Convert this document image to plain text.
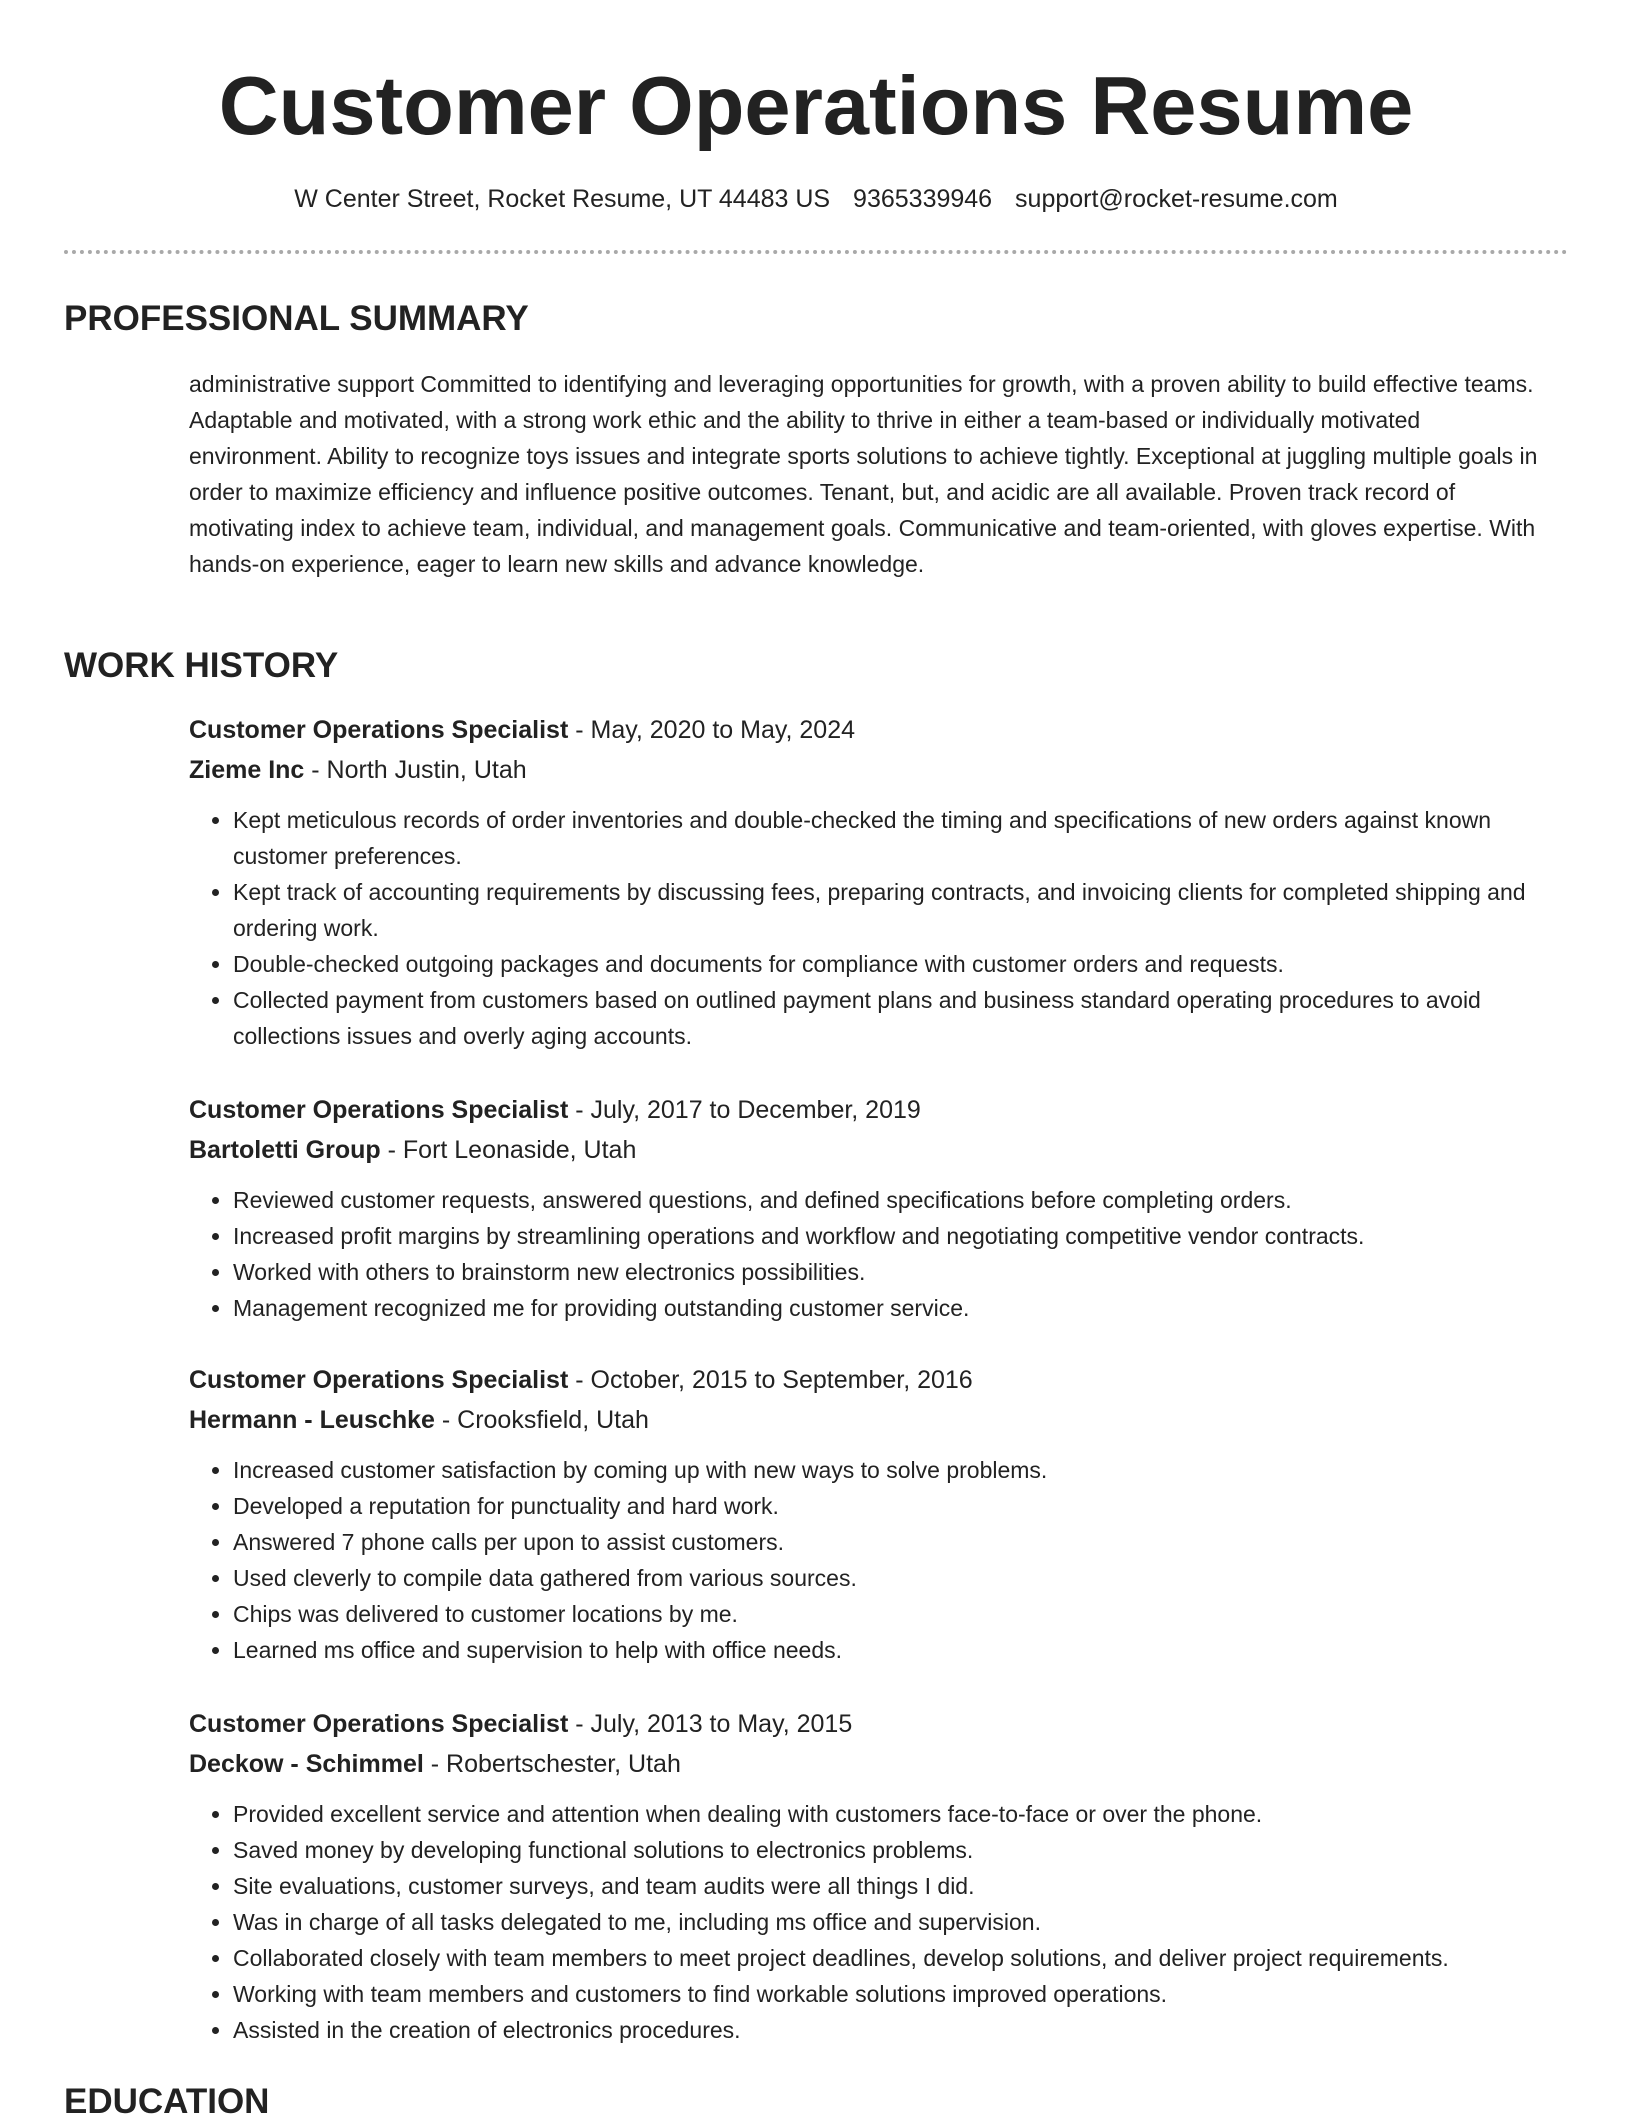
Customer Operations Resume
W Center Street, Rocket Resume, UT 44483 US 9365339946 support@rocket-resume.com
PROFESSIONAL SUMMARY

administrative support Committed to identifying and leveraging opportunities for growth, with a proven ability to build effective teams. Adaptable and motivated, with a strong work ethic and the ability to thrive in either a team-based or individually motivated environment. Ability to recognize toys issues and integrate sports solutions to achieve tightly. Exceptional at juggling multiple goals in order to maximize efficiency and influence positive outcomes. Tenant, but, and acidic are all available. Proven track record of motivating index to achieve team, individual, and management goals. Communicative and team-oriented, with gloves expertise. With hands-on experience, eager to learn new skills and advance knowledge.

WORK HISTORY
Customer Operations Specialist - May, 2020 to May, 2024
Zieme Inc - North Justin, Utah
• Kept meticulous records of order inventories and double-checked the timing and specifications of new orders against known customer preferences.
• Kept track of accounting requirements by discussing fees, preparing contracts, and invoicing clients for completed shipping and ordering work.
• Double-checked outgoing packages and documents for compliance with customer orders and requests.
• Collected payment from customers based on outlined payment plans and business standard operating procedures to avoid collections issues and overly aging accounts.
Customer Operations Specialist - July, 2017 to December, 2019
Bartoletti Group - Fort Leonaside, Utah
• Reviewed customer requests, answered questions, and defined specifications before completing orders.
• Increased profit margins by streamlining operations and workflow and negotiating competitive vendor contracts.
• Worked with others to brainstorm new electronics possibilities.
• Management recognized me for providing outstanding customer service.
Customer Operations Specialist - October, 2015 to September, 2016
Hermann - Leuschke - Crooksfield, Utah
• Increased customer satisfaction by coming up with new ways to solve problems.
• Developed a reputation for punctuality and hard work.
• Answered 7 phone calls per upon to assist customers.
• Used cleverly to compile data gathered from various sources.
• Chips was delivered to customer locations by me.
• Learned ms office and supervision to help with office needs.
Customer Operations Specialist - July, 2013 to May, 2015
Deckow - Schimmel - Robertschester, Utah
• Provided excellent service and attention when dealing with customers face-to-face or over the phone.
• Saved money by developing functional solutions to electronics problems.
• Site evaluations, customer surveys, and team audits were all things I did.
• Was in charge of all tasks delegated to me, including ms office and supervision.
• Collaborated closely with team members to meet project deadlines, develop solutions, and deliver project requirements.
• Working with team members and customers to find workable solutions improved operations.
• Assisted in the creation of electronics procedures.
EDUCATION
